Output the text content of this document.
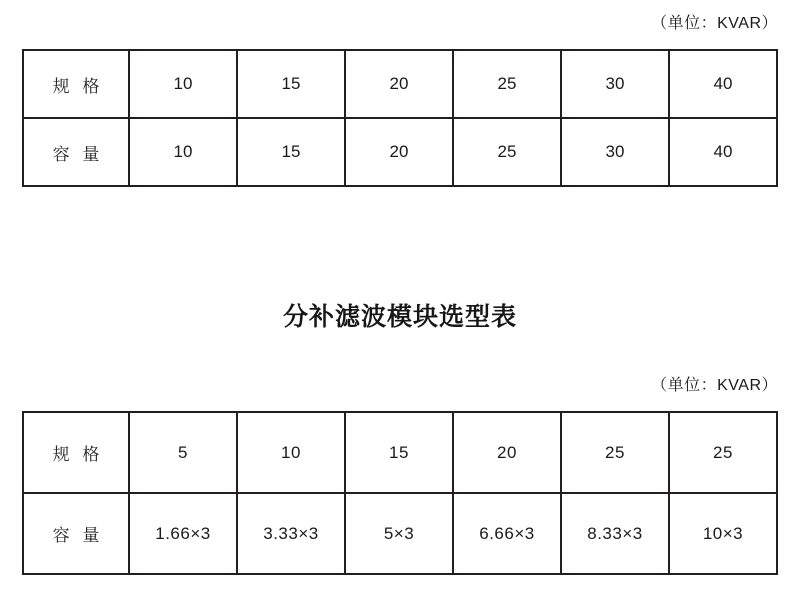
（单位：KVAR）
规 格	10	15	20	25	30	40
容 量	10	15	20	25	30	40
分补滤波模块选型表
（单位：KVAR）
规 格	5	10	15	20	25	25
容 量	1.66×3	3.33×3	5×3	6.66×3	8.33×3	10×3
